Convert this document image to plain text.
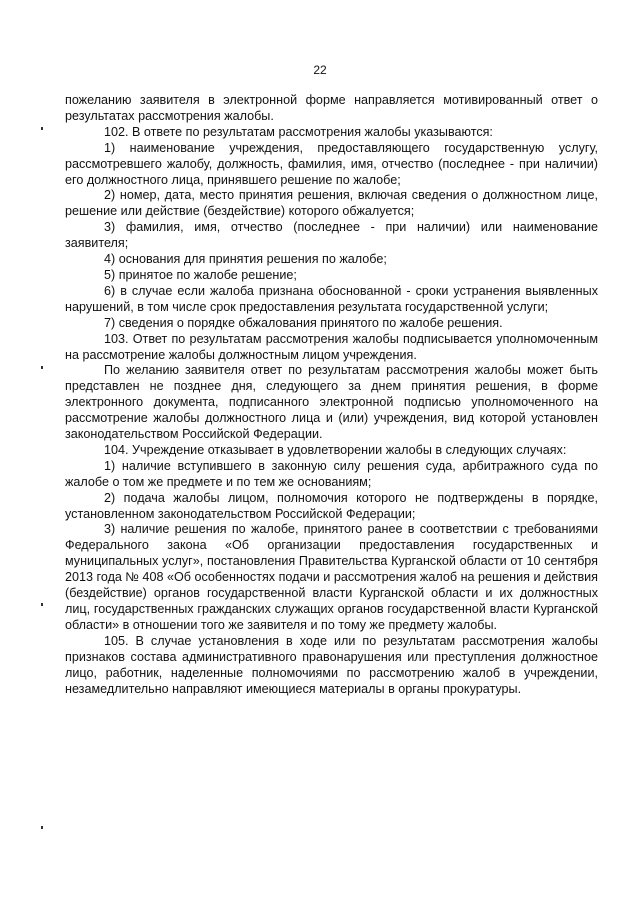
22

пожеланию заявителя в электронной форме направляется мотивированный ответ о результатах рассмотрения жалобы.

102. В ответе по результатам рассмотрения жалобы указываются:

1) наименование учреждения, предоставляющего государственную услугу, рассмотревшего жалобу, должность, фамилия, имя, отчество (последнее - при наличии) его должностного лица, принявшего решение по жалобе;

2) номер, дата, место принятия решения, включая сведения о должностном лице, решение или действие (бездействие) которого обжалуется;

3) фамилия, имя, отчество (последнее - при наличии) или наименование заявителя;

4) основания для принятия решения по жалобе;

5) принятое по жалобе решение;

6) в случае если жалоба признана обоснованной - сроки устранения выявленных нарушений, в том числе срок предоставления результата государственной услуги;

7) сведения о порядке обжалования принятого по жалобе решения.

103. Ответ по результатам рассмотрения жалобы подписывается уполномоченным на рассмотрение жалобы должностным лицом учреждения.

По желанию заявителя ответ по результатам рассмотрения жалобы может быть представлен не позднее дня, следующего за днем принятия решения, в форме электронного документа, подписанного электронной подписью уполномоченного на рассмотрение жалобы должностного лица и (или) учреждения, вид которой установлен законодательством Российской Федерации.

104. Учреждение отказывает в удовлетворении жалобы в следующих случаях:

1) наличие вступившего в законную силу решения суда, арбитражного суда по жалобе о том же предмете и по тем же основаниям;

2) подача жалобы лицом, полномочия которого не подтверждены в порядке, установленном законодательством Российской Федерации;

3) наличие решения по жалобе, принятого ранее в соответствии с требованиями Федерального закона «Об организации предоставления государственных и муниципальных услуг», постановления Правительства Курганской области от 10 сентября 2013 года № 408 «Об особенностях подачи и рассмотрения жалоб на решения и действия (бездействие) органов государственной власти Курганской области и их должностных лиц, государственных гражданских служащих органов государственной власти Курганской области» в отношении того же заявителя и по тому же предмету жалобы.

105. В случае установления в ходе или по результатам рассмотрения жалобы признаков состава административного правонарушения или преступления должностное лицо, работник, наделенные полномочиями по рассмотрению жалоб в учреждении, незамедлительно направляют имеющиеся материалы в органы прокуратуры.
